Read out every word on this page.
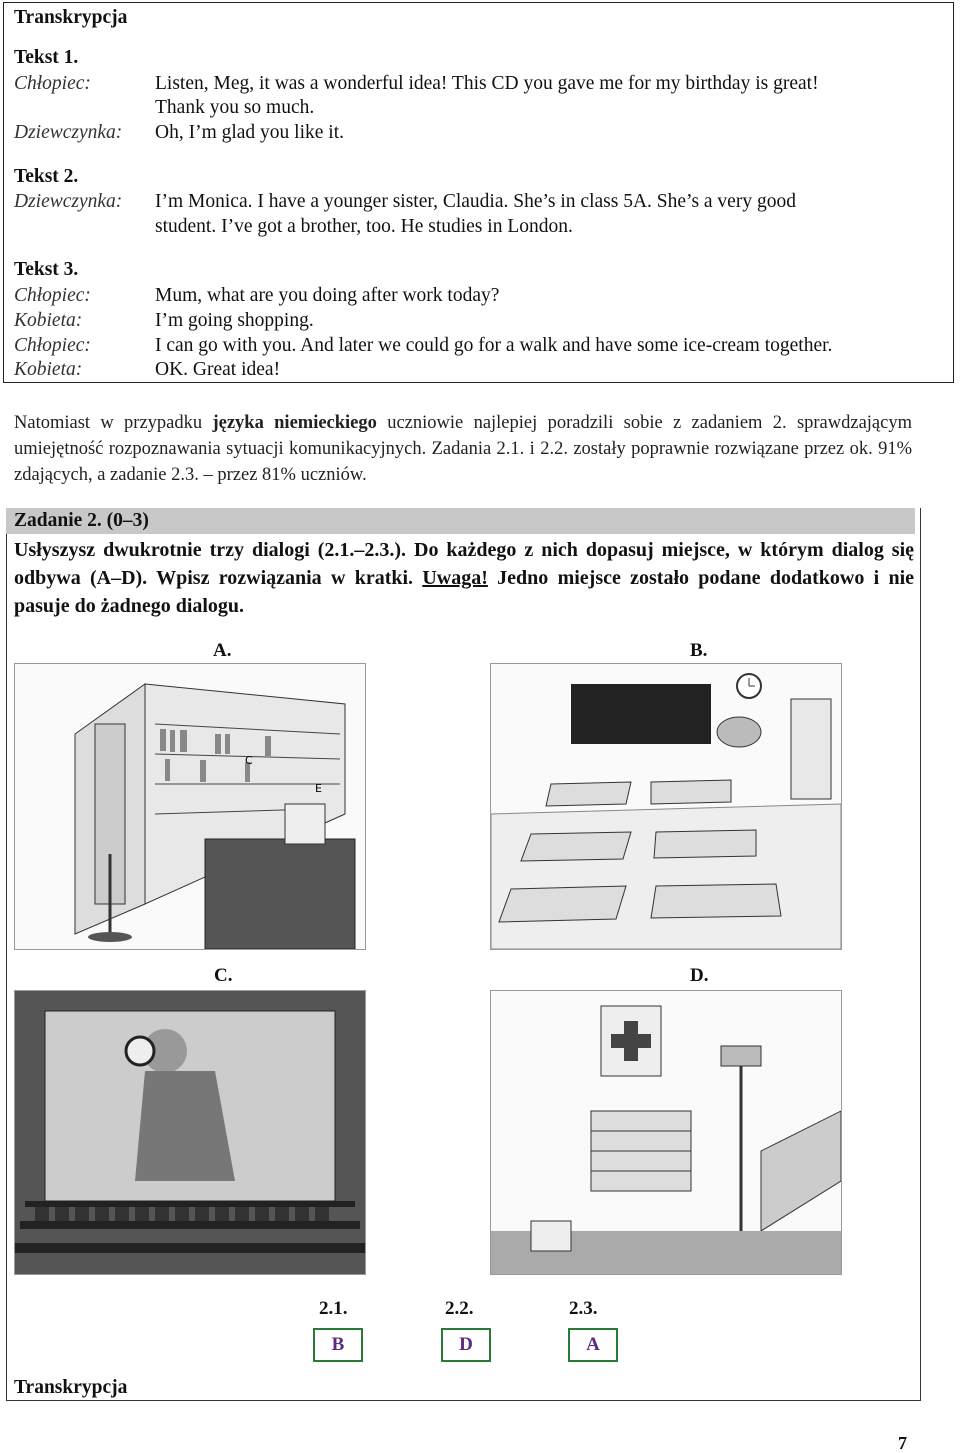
Transkrypcja
Tekst 1.
Chłopiec:	Listen, Meg, it was a wonderful idea! This CD you gave me for my birthday is great!
Thank you so much.
Dziewczynka: Oh, I’m glad you like it.
Tekst 2.
Dziewczynka: I’m Monica. I have a younger sister, Claudia. She’s in class 5A. She’s a very good
student. I’ve got a brother, too. He studies in London.
Tekst 3.
Chłopiec:	Mum, what are you doing after work today?
Kobieta:	I’m going shopping.
Chłopiec:	I can go with you. And later we could go for a walk and have some ice-cream together.
Kobieta:	OK. Great idea!
Natomiast w przypadku języka niemieckiego uczniowie najlepiej poradzili sobie z zadaniem 2. sprawdzającym umiejętność rozpoznawania sytuacji komunikacyjnych. Zadania 2.1. i 2.2. zostały poprawnie rozwiązane przez ok. 91% zdających, a zadanie 2.3. – przez 81% uczniów.
Zadanie 2. (0–3)
Usłyszysz dwukrotnie trzy dialogi (2.1.–2.3.). Do każdego z nich dopasuj miejsce, w którym dialog się odbywa (A–D). Wpisz rozwiązania w kratki. Uwaga! Jedno miejsce zostało podane dodatkowo i nie pasuje do żadnego dialogu.
A.	B.
C.	D.
C
E
2.1.	2.2.	2.3.
B	D	A
Transkrypcja
7
